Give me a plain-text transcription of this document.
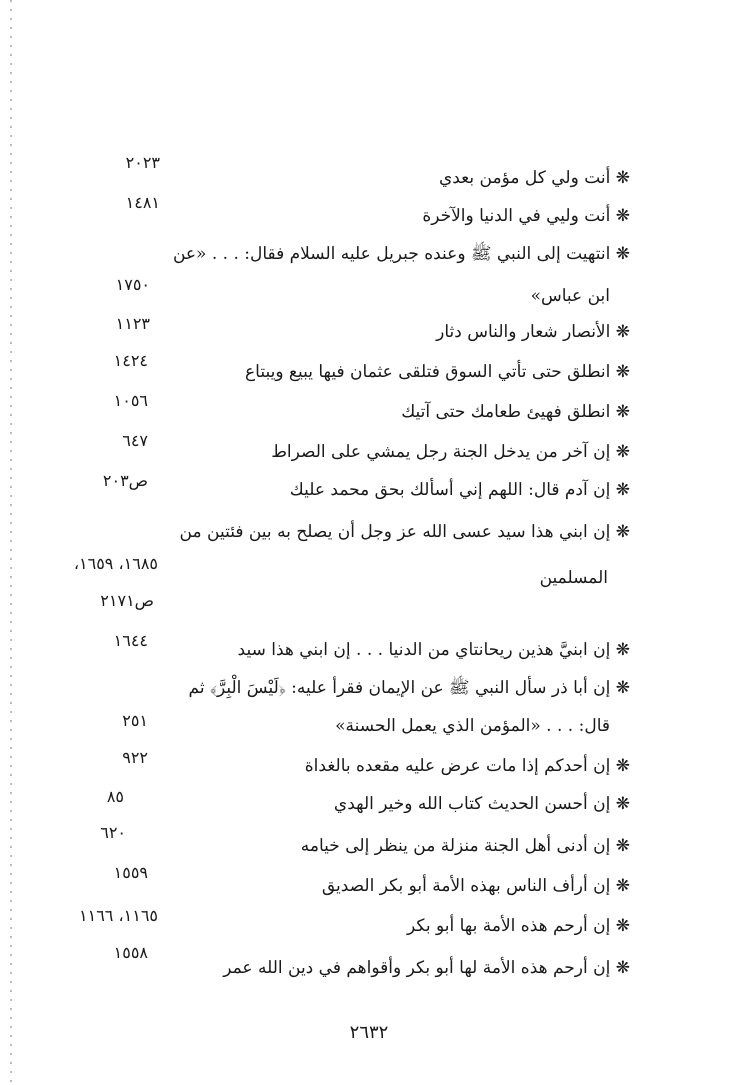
❋ أنت ولي كل مؤمن بعدي
٢٠٢٣
❋ أنت وليي في الدنيا والآخرة
١٤٨١
❋ انتهيت إلى النبي ﷺ وعنده جبريل عليه السلام فقال: . . . «عن
ابن عباس»
١٧٥٠
❋ الأنصار شعار والناس دثار
١١٢٣
❋ انطلق حتى تأتي السوق فتلقى عثمان فيها يبيع ويبتاع
١٤٢٤
❋ انطلق فهيئ طعامك حتى آتيك
١٠٥٦
❋ إن آخر من يدخل الجنة رجل يمشي على الصراط
٦٤٧
❋ إن آدم قال: اللهم إني أسألك بحق محمد عليك
ص٢٠٣
❋ إن ابني هذا سيد عسى الله عز وجل أن يصلح به بين فئتين من
المسلمين
١٦٨٥، ١٦٥٩،
ص٢١٧١
❋ إن ابنيَّ هذين ريحانتاي من الدنيا . . . إن ابني هذا سيد
١٦٤٤
❋ إن أبا ذر سأل النبي ﷺ عن الإيمان فقرأ عليه: ﴿لَيْسَ الْبِرَّ﴾ ثم
قال: . . . «المؤمن الذي يعمل الحسنة»
٢٥١
❋ إن أحدكم إذا مات عرض عليه مقعده بالغداة
٩٢٢
❋ إن أحسن الحديث كتاب الله وخير الهدي
٨٥
❋ إن أدنى أهل الجنة منزلة من ينظر إلى خيامه
٦٢٠
❋ إن أرأف الناس بهذه الأمة أبو بكر الصديق
١٥٥٩
❋ إن أرحم هذه الأمة بها أبو بكر
١١٦٥، ١١٦٦
❋ إن أرحم هذه الأمة لها أبو بكر وأقواهم في دين الله عمر
١٥٥٨
٢٦٣٢
